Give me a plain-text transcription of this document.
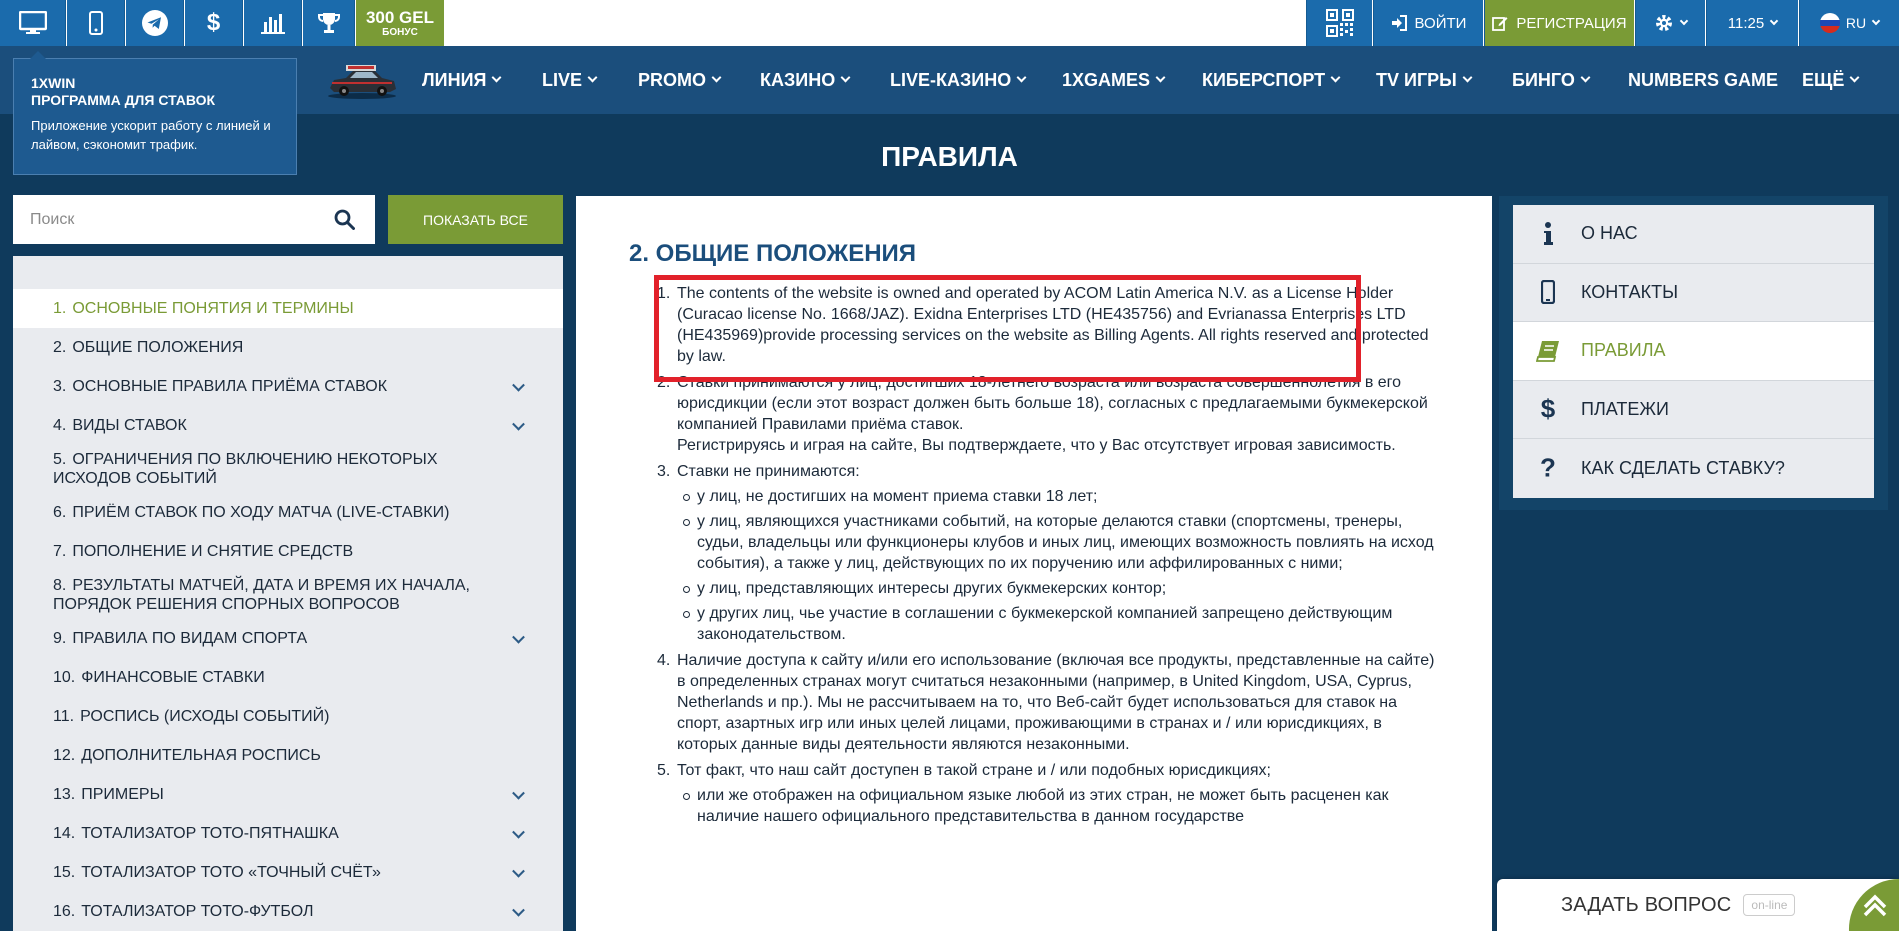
$	300 GEL
БОНУС
ВОЙТИ	РЕГИСТРАЦИЯ	11:25	RU
ЛИНИЯ	LIVE	PROMO	КАЗИНО	LIVE-КАЗИНО	1XGAMES	КИБЕРСПОРТ	TV ИГРЫ	БИНГО	NUMBERS GAME ЕЩЁ
1XWIN
ПРОГРАММА ДЛЯ СТАВОК
Приложение ускорит работу с линией и лайвом, сэкономит трафик.	ПРАВИЛА
Поиск
ПОКАЗАТЬ ВСЕ
1. ОСНОВНЫЕ ПОНЯТИЯ И ТЕРМИНЫ
2. ОБЩИЕ ПОЛОЖЕНИЯ
3. ОСНОВНЫЕ ПРАВИЛА ПРИЁМА СТАВОК
4. ВИДЫ СТАВОК
5. ОГРАНИЧЕНИЯ ПО ВКЛЮЧЕНИЮ НЕКОТОРЫХ ИСХОДОВ СОБЫТИЙ
6. ПРИЁМ СТАВОК ПО ХОДУ МАТЧА (LIVE-СТАВКИ)
7. ПОПОЛНЕНИЕ И СНЯТИЕ СРЕДСТВ
8. РЕЗУЛЬТАТЫ МАТЧЕЙ, ДАТА И ВРЕМЯ ИХ НАЧАЛА, ПОРЯДОК РЕШЕНИЯ СПОРНЫХ ВОПРОСОВ
9. ПРАВИЛА ПО ВИДАМ СПОРТА
10. ФИНАНСОВЫЕ СТАВКИ
11. РОСПИСЬ (ИСХОДЫ СОБЫТИЙ)
12. ДОПОЛНИТЕЛЬНАЯ РОСПИСЬ
13. ПРИМЕРЫ
14. ТОТАЛИЗАТОР ТОТО-ПЯТНАШКА
15. ТОТАЛИЗАТОР ТОТО «ТОЧНЫЙ СЧЁТ»
16. ТОТАЛИЗАТОР ТОТО-ФУТБОЛ
2. ОБЩИЕ ПОЛОЖЕНИЯ
1. The contents of the website is owned and operated by ACOM Latin America N.V. as a License Holder (Curacao license No. 1668/JAZ). Exidna Enterprises LTD (HE435756) and Evrianassa Enterprises LTD (HE435969)provide processing services on the website as Billing Agents. All rights reserved and protected by law.
2. Ставки принимаются у лиц, достигших 18-летнего возраста или возраста совершеннолетия в его юрисдикции (если этот возраст должен быть больше 18), согласных с предлагаемыми букмекерской компанией Правилами приёма ставок.
Регистрируясь и играя на сайте, Вы подтверждаете, что у Вас отсутствует игровая зависимость.
3. Ставки не принимаются:
у лиц, не достигших на момент приема ставки 18 лет;
у лиц, являющихся участниками событий, на которые делаются ставки (спортсмены, тренеры, судьи, владельцы или функционеры клубов и иных лиц, имеющих возможность повлиять на исход события), а также у лиц, действующих по их поручению или аффилированных с ними;
у лиц, представляющих интересы других букмекерских контор;
у других лиц, чье участие в соглашении с букмекерской компанией запрещено действующим законодательством.
4. Наличие доступа к сайту и/или его использование (включая все продукты, представленные на сайте) в определенных странах могут считаться незаконными (например, в United Kingdom, USA, Cyprus, Netherlands и пр.). Мы не рассчитываем на то, что Веб-сайт будет использоваться для ставок на спорт, азартных игр или иных целей лицами, проживающими в странах и / или юрисдикциях, в которых данные виды деятельности являются незаконными.
5. Тот факт, что наш сайт доступен в такой стране и / или подобных юрисдикциях;
или же отображен на официальном языке любой из этих стран, не может быть расценен как наличие нашего официального представительства в данном государстве
О НАС
КОНТАКТЫ
ПРАВИЛА
$ ПЛАТЕЖИ
? КАК СДЕЛАТЬ СТАВКУ?
ЗАДАТЬ ВОПРОС	on-line
